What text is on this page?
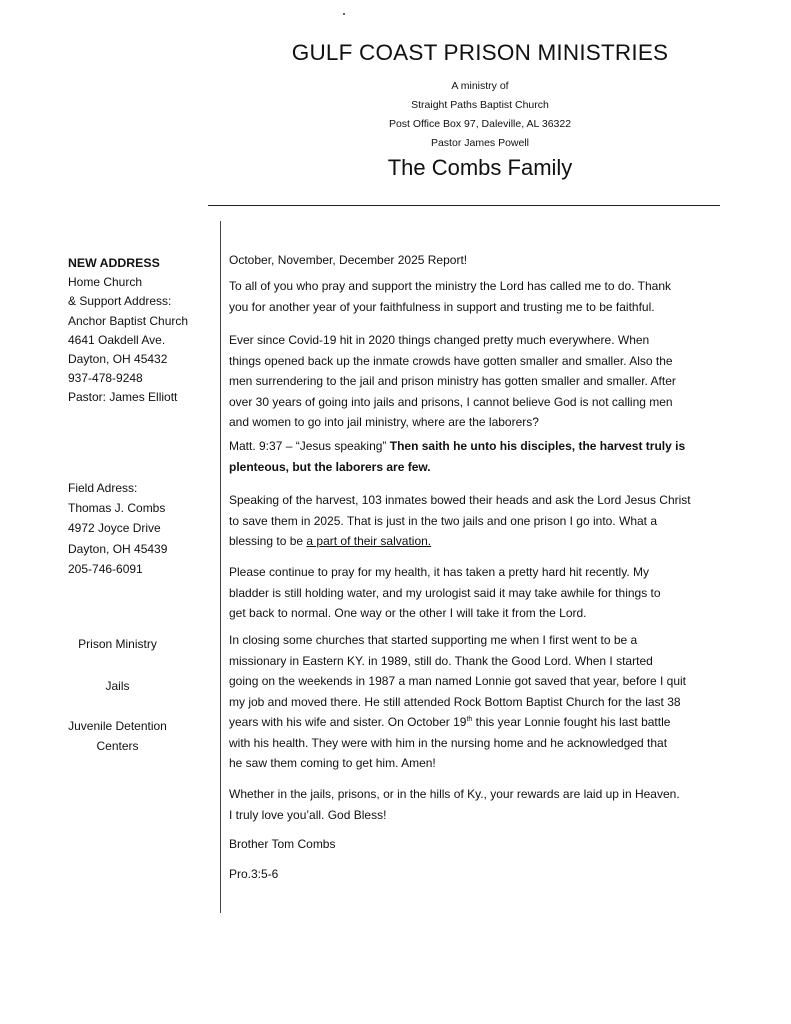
GULF COAST PRISON MINISTRIES
A ministry of
Straight Paths Baptist Church
Post Office Box 97, Daleville, AL 36322
Pastor James Powell
The Combs Family
NEW ADDRESS
Home Church
& Support Address:
Anchor Baptist Church
4641 Oakdell Ave.
Dayton, OH 45432
937-478-9248
Pastor: James Elliott
Field Adress:
Thomas J. Combs
4972 Joyce Drive
Dayton, OH 45439
205-746-6091
Prison Ministry
Jails
Juvenile Detention
Centers
October, November, December 2025 Report!
To all of you who pray and support the ministry the Lord has called me to do. Thank
you for another year of your faithfulness in support and trusting me to be faithful.
Ever since Covid-19 hit in 2020 things changed pretty much everywhere. When
things opened back up the inmate crowds have gotten smaller and smaller. Also the
men surrendering to the jail and prison ministry has gotten smaller and smaller. After
over 30 years of going into jails and prisons, I cannot believe God is not calling men
and women to go into jail ministry, where are the laborers?
Matt. 9:37 – “Jesus speaking” Then saith he unto his disciples, the harvest truly is
plenteous, but the laborers are few.
Speaking of the harvest, 103 inmates bowed their heads and ask the Lord Jesus Christ
to save them in 2025. That is just in the two jails and one prison I go into. What a
blessing to be a part of their salvation.
Please continue to pray for my health, it has taken a pretty hard hit recently. My
bladder is still holding water, and my urologist said it may take awhile for things to
get back to normal. One way or the other I will take it from the Lord.
In closing some churches that started supporting me when I first went to be a
missionary in Eastern KY. in 1989, still do. Thank the Good Lord. When I started
going on the weekends in 1987 a man named Lonnie got saved that year, before I quit
my job and moved there. He still attended Rock Bottom Baptist Church for the last 38
years with his wife and sister. On October 19th this year Lonnie fought his last battle
with his health. They were with him in the nursing home and he acknowledged that
he saw them coming to get him. Amen!
Whether in the jails, prisons, or in the hills of Ky., your rewards are laid up in Heaven.
I truly love you’all. God Bless!
Brother Tom Combs
Pro.3:5-6
